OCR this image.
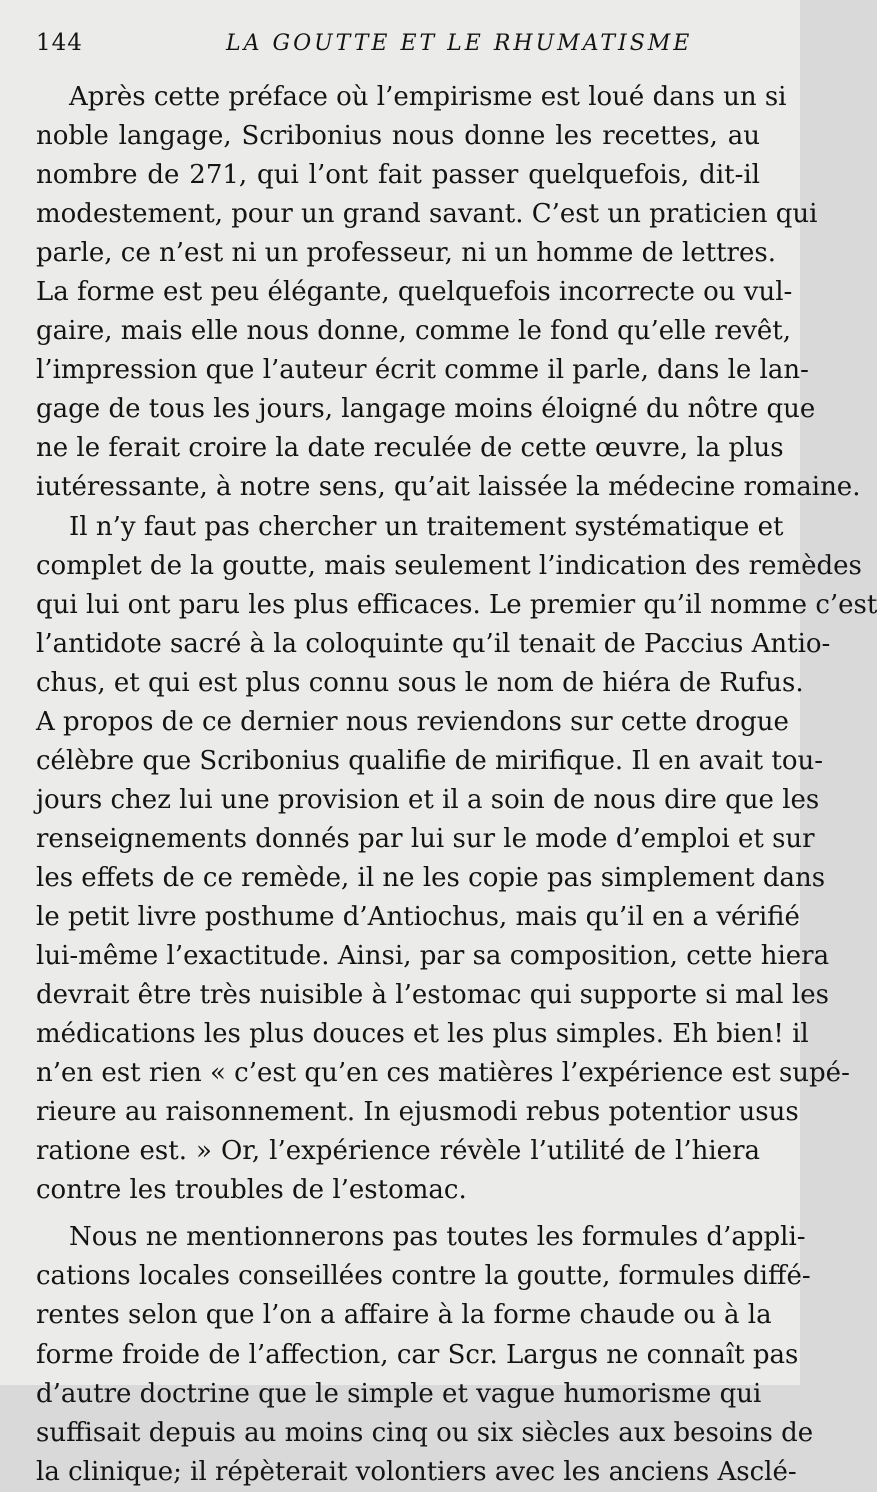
144	LA GOUTTE ET LE RHUMATISME
Après cette préface où l’empirisme est loué dans un si
noble langage, Scribonius nous donne les recettes, au
nombre de 271, qui l’ont fait passer quelquefois, dit-il
modestement, pour un grand savant. C’est un praticien qui
parle, ce n’est ni un professeur, ni un homme de lettres.
La forme est peu élégante, quelquefois incorrecte ou vul-
gaire, mais elle nous donne, comme le fond qu’elle revêt,
l’impression que l’auteur écrit comme il parle, dans le lan-
gage de tous les jours, langage moins éloigné du nôtre que
ne le ferait croire la date reculée de cette œuvre, la plus
iutéressante, à notre sens, qu’ait laissée la médecine romaine.
Il n’y faut pas chercher un traitement systématique et
complet de la goutte, mais seulement l’indication des remèdes
qui lui ont paru les plus efficaces. Le premier qu’il nomme c’est
l’antidote sacré à la coloquinte qu’il tenait de Paccius Antio-
chus, et qui est plus connu sous le nom de hiéra de Rufus.
A propos de ce dernier nous reviendons sur cette drogue
célèbre que Scribonius qualifie de mirifique. Il en avait tou-
jours chez lui une provision et il a soin de nous dire que les
renseignements donnés par lui sur le mode d’emploi et sur
les effets de ce remède, il ne les copie pas simplement dans
le petit livre posthume d’Antiochus, mais qu’il en a vérifié
lui-même l’exactitude. Ainsi, par sa composition, cette hiera
devrait être très nuisible à l’estomac qui supporte si mal les
médications les plus douces et les plus simples. Eh bien! il
n’en est rien « c’est qu’en ces matières l’expérience est supé-
rieure au raisonnement. In ejusmodi rebus potentior usus
ratione est. » Or, l’expérience révèle l’utilité de l’hiera
contre les troubles de l’estomac.
Nous ne mentionnerons pas toutes les formules d’appli-
cations locales conseillées contre la goutte, formules diffé-
rentes selon que l’on a affaire à la forme chaude ou à la
forme froide de l’affection, car Scr. Largus ne connaît pas
d’autre doctrine que le simple et vague humorisme qui
suffisait depuis au moins cinq ou six siècles aux besoins de
la clinique; il répèterait volontiers avec les anciens Asclé-
